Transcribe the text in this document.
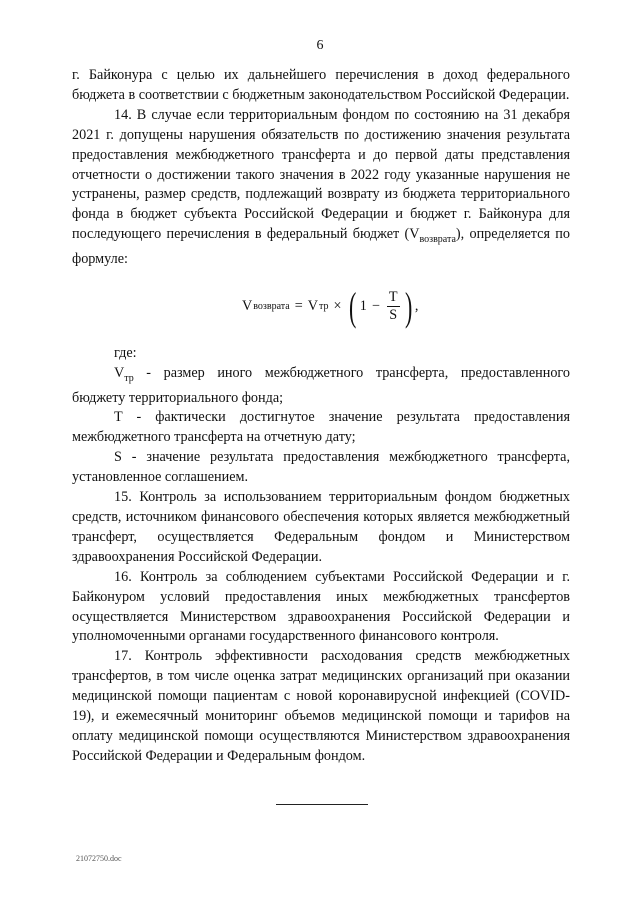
6

г. Байконура с целью их дальнейшего перечисления в доход федерального бюджета в соответствии с бюджетным законодательством Российской Федерации.

14. В случае если территориальным фондом по состоянию на 31 декабря 2021 г. допущены нарушения обязательств по достижению значения результата предоставления межбюджетного трансферта и до первой даты представления отчетности о достижении такого значения в 2022 году указанные нарушения не устранены, размер средств, подлежащий возврату из бюджета территориального фонда в бюджет субъекта Российской Федерации и бюджет г. Байконура для последующего перечисления в федеральный бюджет $(V_{возврата})$, определяется по формуле:

V возврата = V тр × ( $1 - \frac{T}{S}$ ) ,

где:

$V_{тр}$ - размер иного межбюджетного трансферта, предоставленного бюджету территориального фонда;

T - фактически достигнутое значение результата предоставления межбюджетного трансферта на отчетную дату;

S - значение результата предоставления межбюджетного трансферта, установленное соглашением.

15. Контроль за использованием территориальным фондом бюджетных средств, источником финансового обеспечения которых является межбюджетный трансферт, осуществляется Федеральным фондом и Министерством здравоохранения Российской Федерации.

16. Контроль за соблюдением субъектами Российской Федерации и г. Байконуром условий предоставления иных межбюджетных трансфертов осуществляется Министерством здравоохранения Российской Федерации и уполномоченными органами государственного финансового контроля.

17. Контроль эффективности расходования средств межбюджетных трансфертов, в том числе оценка затрат медицинских организаций при оказании медицинской помощи пациентам с новой коронавирусной инфекцией (COVID-19), и ежемесячный мониторинг объемов медицинской помощи и тарифов на оплату медицинской помощи осуществляются Министерством здравоохранения Российской Федерации и Федеральным фондом.

21072750.doc
